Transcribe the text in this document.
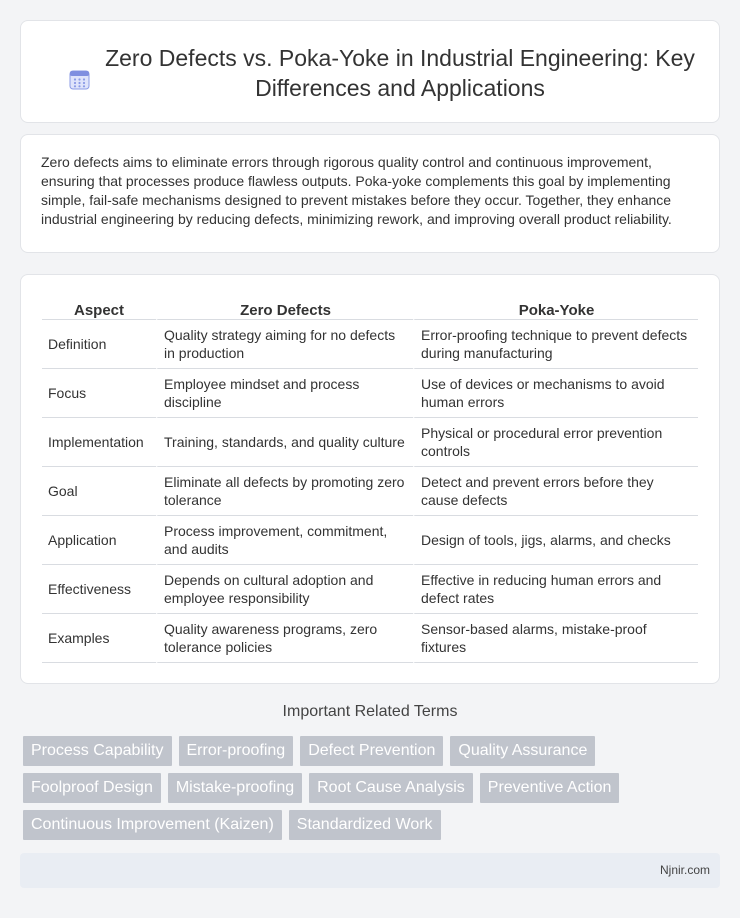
Zero Defects vs. Poka-Yoke in Industrial Engineering: Key Differences and Applications

Zero defects aims to eliminate errors through rigorous quality control and continuous improvement, ensuring that processes produce flawless outputs. Poka-yoke complements this goal by implementing simple, fail-safe mechanisms designed to prevent mistakes before they occur. Together, they enhance industrial engineering by reducing defects, minimizing rework, and improving overall product reliability.

Aspect	Zero Defects	Poka-Yoke
Definition	Quality strategy aiming for no defects in production	Error-proofing technique to prevent defects during manufacturing
Focus	Employee mindset and process discipline	Use of devices or mechanisms to avoid human errors
Implementation	Training, standards, and quality culture	Physical or procedural error prevention controls
Goal	Eliminate all defects by promoting zero tolerance	Detect and prevent errors before they cause defects
Application	Process improvement, commitment, and audits	Design of tools, jigs, alarms, and checks
Effectiveness	Depends on cultural adoption and employee responsibility	Effective in reducing human errors and defect rates
Examples	Quality awareness programs, zero tolerance policies	Sensor-based alarms, mistake-proof fixtures
Important Related Terms
Process Capability	Error-proofing	Defect Prevention	Quality Assurance
Foolproof Design	Mistake-proofing	Root Cause Analysis	Preventive Action
Continuous Improvement (Kaizen)	Standardized Work
Njnir.com
